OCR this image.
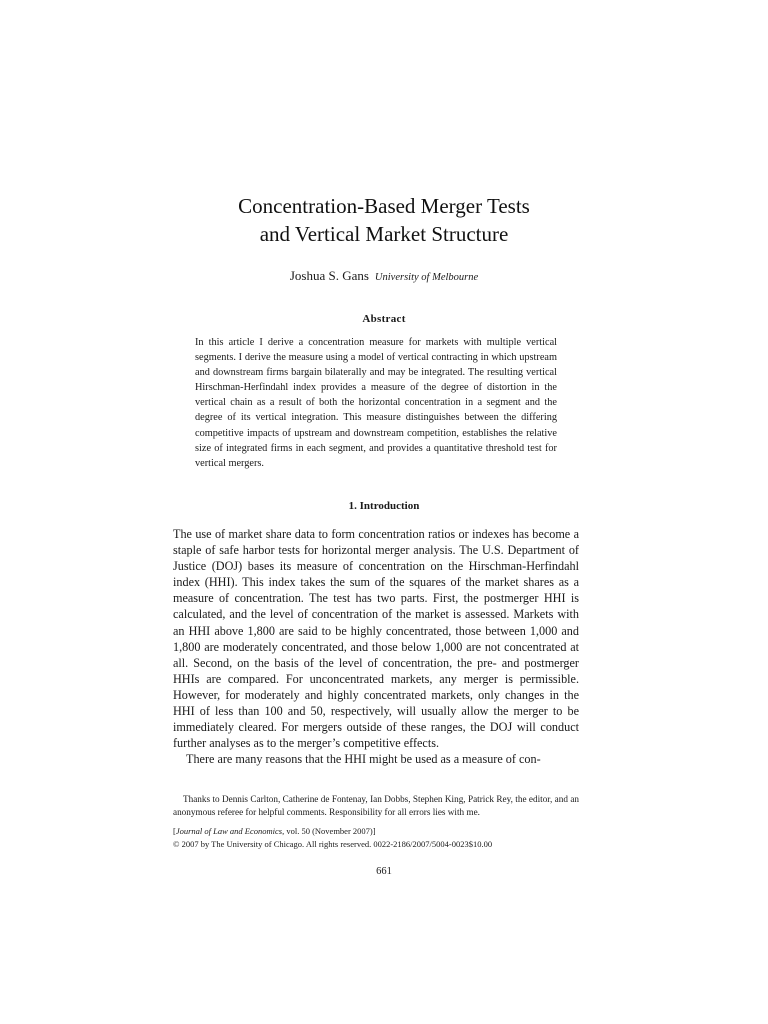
Concentration-Based Merger Tests
and Vertical Market Structure
Joshua S. Gans University of Melbourne
Abstract
In this article I derive a concentration measure for markets with multiple vertical segments. I derive the measure using a model of vertical contracting in which upstream and downstream firms bargain bilaterally and may be integrated. The resulting vertical Hirschman-Herfindahl index provides a measure of the degree of distortion in the vertical chain as a result of both the horizontal concentration in a segment and the degree of its vertical integration. This measure distinguishes between the differing competitive impacts of upstream and downstream competition, establishes the relative size of integrated firms in each segment, and provides a quantitative threshold test for vertical mergers.
1. Introduction

The use of market share data to form concentration ratios or indexes has become a staple of safe harbor tests for horizontal merger analysis. The U.S. Department of Justice (DOJ) bases its measure of concentration on the Hirschman-Herfindahl index (HHI). This index takes the sum of the squares of the market shares as a measure of concentration. The test has two parts. First, the postmerger HHI is calculated, and the level of concentration of the market is assessed. Markets with an HHI above 1,800 are said to be highly concentrated, those between 1,000 and 1,800 are moderately concentrated, and those below 1,000 are not concentrated at all. Second, on the basis of the level of concentration, the pre- and postmerger HHIs are compared. For unconcentrated markets, any merger is permissible. However, for moderately and highly concentrated markets, only changes in the HHI of less than 100 and 50, respectively, will usually allow the merger to be immediately cleared. For mergers outside of these ranges, the DOJ will conduct further analyses as to the merger’s competitive effects.

There are many reasons that the HHI might be used as a measure of con-

Thanks to Dennis Carlton, Catherine de Fontenay, Ian Dobbs, Stephen King, Patrick Rey, the editor, and an anonymous referee for helpful comments. Responsibility for all errors lies with me.

[Journal of Law and Economics, vol. 50 (November 2007)]
© 2007 by The University of Chicago. All rights reserved. 0022-2186/2007/5004-0023$10.00
661
